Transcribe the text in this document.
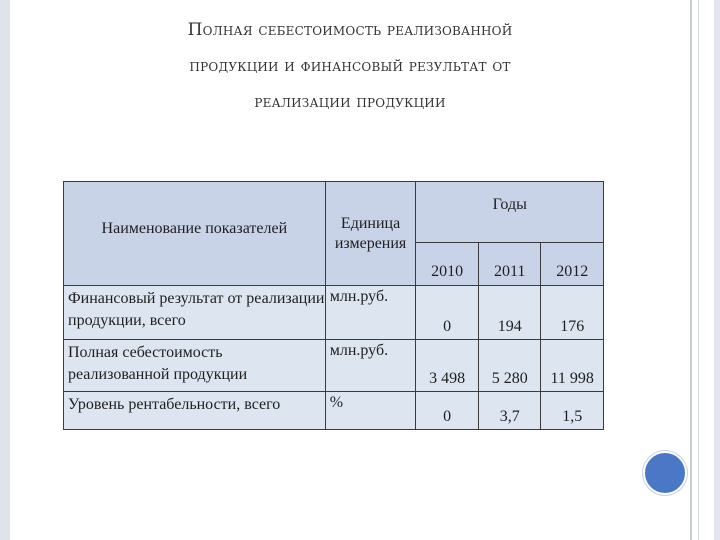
Полная себестоимость реализованной
продукции и финансовый результат от
реализации продукции
Наименование показателей	Единица измерения	Годы		
		2010	2011	2012
Финансовый результат от реализации продукции, всего	млн.руб.	0	194	176
Полная себестоимость реализованной продукции	млн.руб.	3 498	5 280	11 998
Уровень рентабельности, всего	%	0	3,7	1,5
